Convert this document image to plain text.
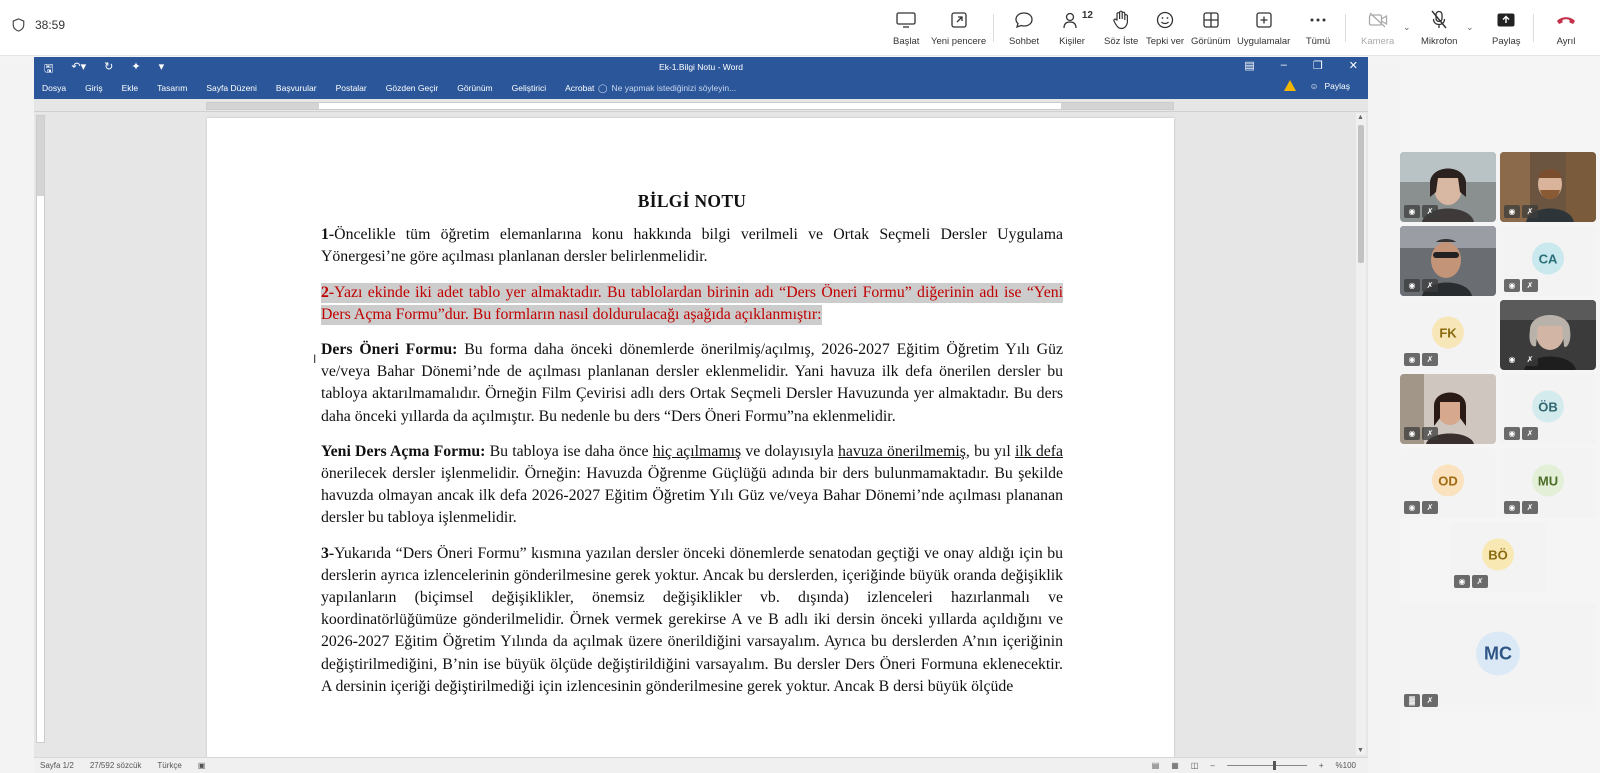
38:59
Başlat Yeni pencere Sohbet
12
Kişiler Söz İste Tepki ver Görünüm Uygulamalar Tümü	Kamera
⌄
Mikrofon
⌄
Paylaş	Ayrıl
🖫 ↶▾ ↻ ✦ ▾	Ek-1.Bilgi Notu - Word	▤ – ❐ ✕
Dosya Giriş Ekle Tasarım Sayfa Düzeni Başvurular Postalar Gözden Geçir Görünüm Geliştirici Acrobat ◯ Ne yapmak istediğinizi söyleyin...	☺ Paylaş
BİLGİ NOTU

1-Öncelikle tüm öğretim elemanlarına konu hakkında bilgi verilmeli ve Ortak Seçmeli Dersler Uygulama Yönergesi’ne göre açılması planlanan dersler belirlenmelidir.

2-Yazı ekinde iki adet tablo yer almaktadır. Bu tablolardan birinin adı “Ders Öneri Formu” diğerinin adı ise “Yeni Ders Açma Formu”dur. Bu formların nasıl doldurulacağı aşağıda açıklanmıştır:

Ders Öneri Formu: Bu forma daha önceki dönemlerde önerilmiş/açılmış, 2026-2027 Eğitim Öğretim Yılı Güz ve/veya Bahar Dönemi’nde de açılması planlanan dersler eklenmelidir. Yani havuza ilk defa önerilen dersler bu tabloya aktarılmamalıdır. Örneğin Film Çevirisi adlı ders Ortak Seçmeli Dersler Havuzunda yer almaktadır. Bu ders daha önceki yıllarda da açılmıştır. Bu nedenle bu ders “Ders Öneri Formu”na eklenmelidir.

Yeni Ders Açma Formu: Bu tabloya ise daha önce hiç açılmamış ve dolayısıyla havuza önerilmemiş, bu yıl ilk defa önerilecek dersler işlenmelidir. Örneğin: Havuzda Öğrenme Güçlüğü adında bir ders bulunmamaktadır. Bu şekilde havuzda olmayan ancak ilk defa 2026-2027 Eğitim Öğretim Yılı Güz ve/veya Bahar Dönemi’nde açılması plananan dersler bu tabloya işlenmelidir.

3-Yukarıda “Ders Öneri Formu” kısmına yazılan dersler önceki dönemlerde senatodan geçtiği ve onay aldığı için bu derslerin ayrıca izlencelerinin gönderilmesine gerek yoktur. Ancak bu derslerden, içeriğinde büyük oranda değişiklik yapılanların (biçimsel değişiklikler, önemsiz değişiklikler vb. dışında) izlenceleri hazırlanmalı ve koordinatörlüğümüze gönderilmelidir. Örnek vermek gerekirse A ve B adlı iki dersin önceki yıllarda açıldığını ve 2026-2027 Eğitim Öğretim Yılında da açılmak üzere önerildiğini varsayalım. Ayrıca bu derslerden A’nın içeriğinin değiştirilmediğini, B’nin ise büyük ölçüde değiştirildiğini varsayalım. Bu dersler Ders Öneri Formuna eklenecektir. A dersinin içeriği değiştirilmediği için izlencesinin gönderilmesine gerek yoktur. Ancak B dersi büyük ölçüde

I
▲
▼
Sayfa 1/2 27/592 sözcük Türkçe ▣	▤ ▦ ◫ –	+ %100
◉	✗	◉	✗
◉	✗
CA
◉	✗
FK
◉	✗	◉	✗
◉	✗
ÖB
◉	✗
OD
◉	✗
MU
◉	✗
BÖ
◉	✗
MC
▓	✗
